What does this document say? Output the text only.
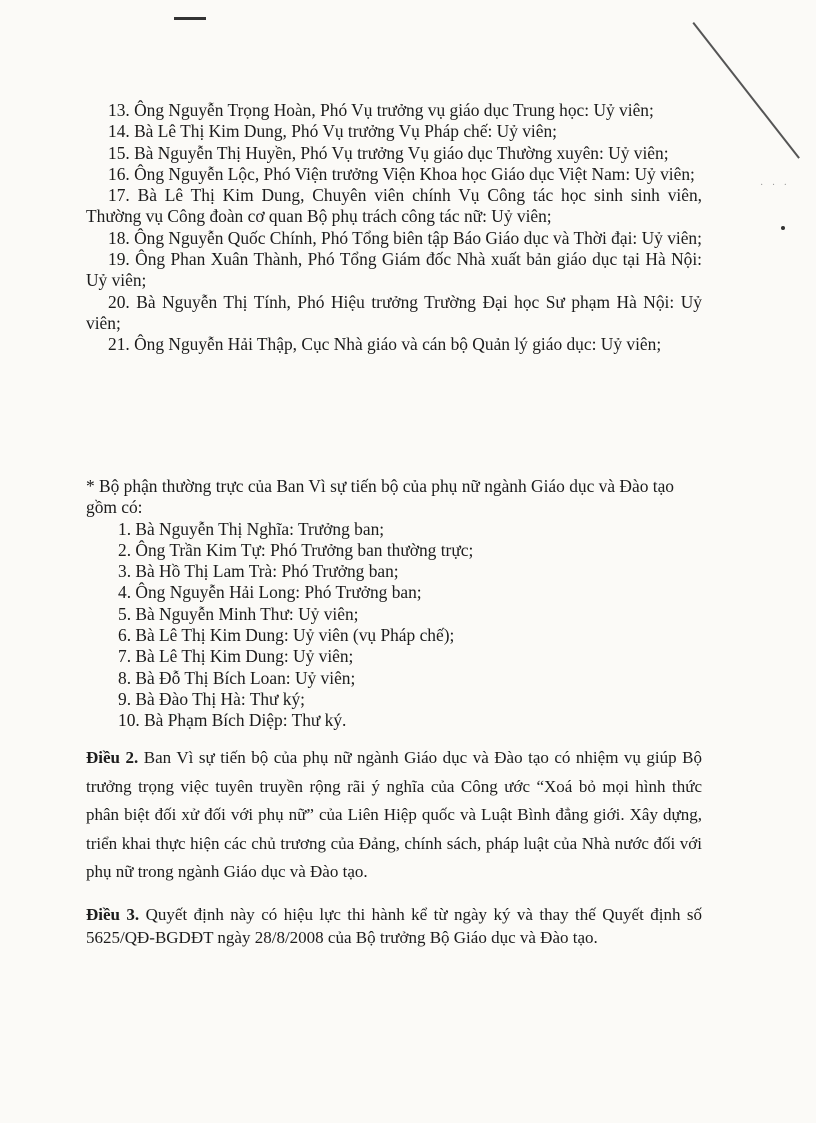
· · ·

13. Ông Nguyễn Trọng Hoàn, Phó Vụ trưởng vụ giáo dục Trung học: Uỷ viên;

14. Bà Lê Thị Kim Dung, Phó Vụ trưởng Vụ Pháp chế: Uỷ viên;

15. Bà Nguyễn Thị Huyền, Phó Vụ trưởng Vụ giáo dục Thường xuyên: Uỷ viên;

16. Ông Nguyễn Lộc, Phó Viện trưởng Viện Khoa học Giáo dục Việt Nam: Uỷ viên;

17. Bà Lê Thị Kim Dung, Chuyên viên chính Vụ Công tác học sinh sinh viên, Thường vụ Công đoàn cơ quan Bộ phụ trách công tác nữ: Uỷ viên;

18. Ông Nguyễn Quốc Chính, Phó Tổng biên tập Báo Giáo dục và Thời đại: Uỷ viên;

19. Ông Phan Xuân Thành, Phó Tổng Giám đốc Nhà xuất bản giáo dục tại Hà Nội: Uỷ viên;

20. Bà Nguyễn Thị Tính, Phó Hiệu trưởng Trường Đại học Sư phạm Hà Nội: Uỷ viên;

21. Ông Nguyễn Hải Thập, Cục Nhà giáo và cán bộ Quản lý giáo dục: Uỷ viên;

* Bộ phận thường trực của Ban Vì sự tiến bộ của phụ nữ ngành Giáo dục và Đào tạo gồm có:

1. Bà Nguyễn Thị Nghĩa: Trưởng ban;

2. Ông Trần Kim Tự: Phó Trưởng ban thường trực;

3. Bà Hồ Thị Lam Trà: Phó Trưởng ban;

4. Ông Nguyễn Hải Long: Phó Trưởng ban;

5. Bà Nguyễn Minh Thư: Uỷ viên;

6. Bà Lê Thị Kim Dung: Uỷ viên (vụ Pháp chế);

7. Bà Lê Thị Kim Dung: Uỷ viên;

8. Bà Đỗ Thị Bích Loan: Uỷ viên;

9. Bà Đào Thị Hà: Thư ký;

10. Bà Phạm Bích Diệp: Thư ký.

Điều 2. Ban Vì sự tiến bộ của phụ nữ ngành Giáo dục và Đào tạo có nhiệm vụ giúp Bộ trưởng trọng việc tuyên truyền rộng rãi ý nghĩa của Công ước “Xoá bỏ mọi hình thức phân biệt đối xử đối với phụ nữ” của Liên Hiệp quốc và Luật Bình đẳng giới. Xây dựng, triển khai thực hiện các chủ trương của Đảng, chính sách, pháp luật của Nhà nước đối với phụ nữ trong ngành Giáo dục và Đào tạo.

Điều 3. Quyết định này có hiệu lực thi hành kể từ ngày ký và thay thế Quyết định số 5625/QĐ-BGDĐT ngày 28/8/2008 của Bộ trưởng Bộ Giáo dục và Đào tạo.
